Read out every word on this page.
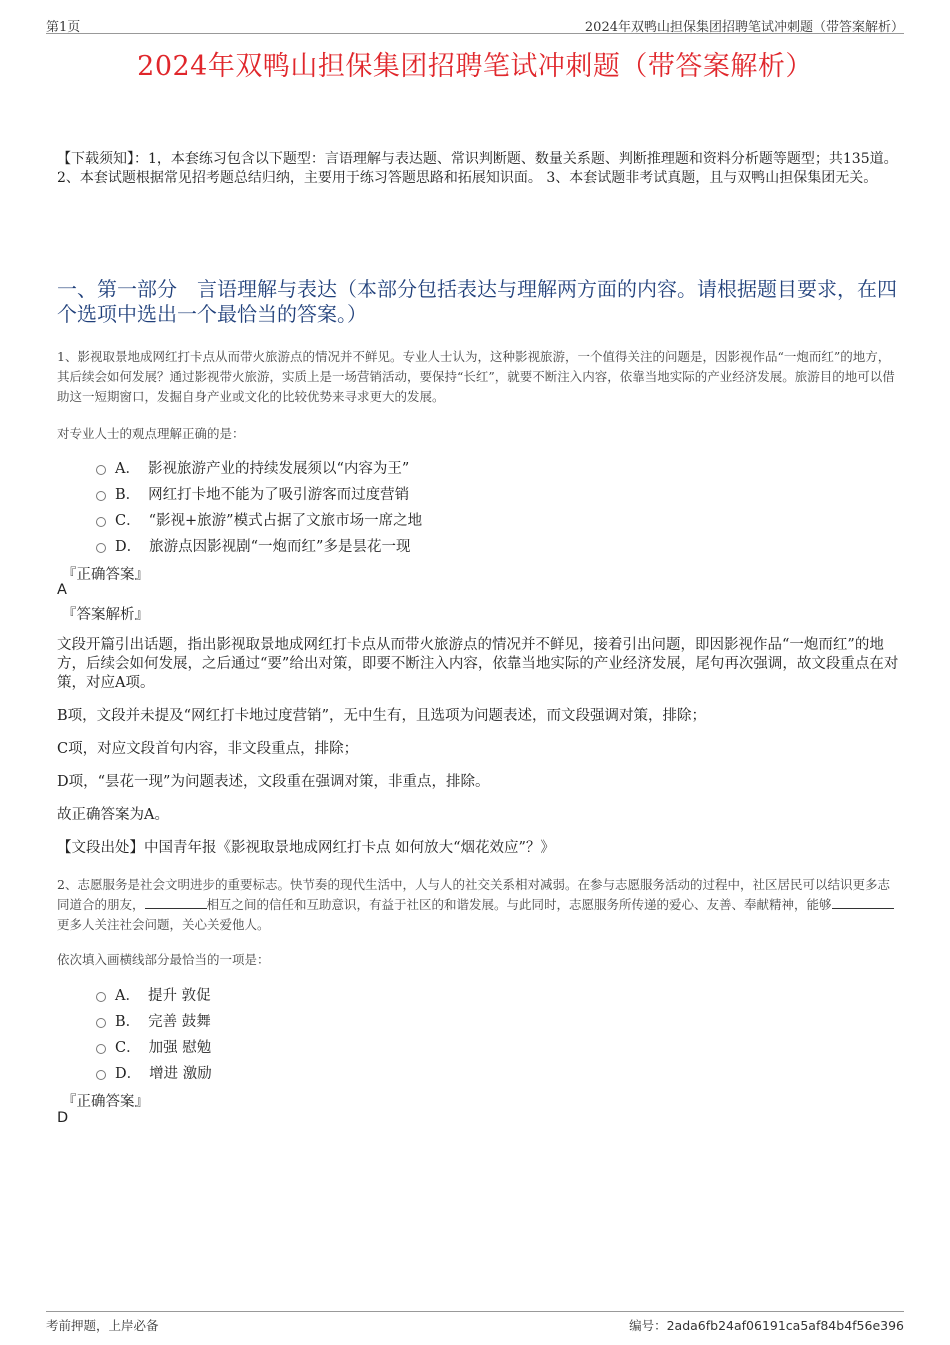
第1页	2024年双鸭山担保集团招聘笔试冲刺题（带答案解析）
2024年双鸭山担保集团招聘笔试冲刺题（带答案解析）
【下载须知】：1，本套练习包含以下题型：言语理解与表达题、常识判断题、数量关系题、判断推理题和资料分析题等题型；共135道。 2、本套试题根据常见招考题总结归纳，主要用于练习答题思路和拓展知识面。 3、本套试题非考试真题，且与双鸭山担保集团无关。
一、第一部分　言语理解与表达（本部分包括表达与理解两方面的内容。请根据题目要求，在四个选项中选出一个最恰当的答案。）
1、影视取景地成网红打卡点从而带火旅游点的情况并不鲜见。专业人士认为，这种影视旅游，一个值得关注的问题是，因影视作品“一炮而红”的地方，其后续会如何发展？通过影视带火旅游，实质上是一场营销活动，要保持“长红”，就要不断注入内容，依靠当地实际的产业经济发展。旅游目的地可以借助这一短期窗口，发掘自身产业或文化的比较优势来寻求更大的发展。
对专业人士的观点理解正确的是：
A． 影视旅游产业的持续发展须以“内容为王”
B． 网红打卡地不能为了吸引游客而过度营销
C． “影视+旅游”模式占据了文旅市场一席之地
D． 旅游点因影视剧“一炮而红”多是昙花一现
『正确答案』
A
『答案解析』
文段开篇引出话题，指出影视取景地成网红打卡点从而带火旅游点的情况并不鲜见，接着引出问题，即因影视作品“一炮而红”的地方，后续会如何发展，之后通过“要”给出对策，即要不断注入内容，依靠当地实际的产业经济发展，尾句再次强调，故文段重点在对策，对应A项。
B项，文段并未提及“网红打卡地过度营销”，无中生有，且选项为问题表述，而文段强调对策，排除；
C项，对应文段首句内容，非文段重点，排除；
D项，“昙花一现”为问题表述，文段重在强调对策，非重点，排除。
故正确答案为A。
【文段出处】中国青年报《影视取景地成网红打卡点 如何放大“烟花效应”？》
2、志愿服务是社会文明进步的重要标志。快节奏的现代生活中，人与人的社交关系相对减弱。在参与志愿服务活动的过程中，社区居民可以结识更多志同道合的朋友，	相互之间的信任和互助意识，有益于社区的和谐发展。与此同时，志愿服务所传递的爱心、友善、奉献精神，能够更多人关注社会问题，关心关爱他人。
依次填入画横线部分最恰当的一项是：
A． 提升 敦促
B． 完善 鼓舞
C． 加强 慰勉
D． 增进 激励
『正确答案』
D
考前押题，上岸必备	编号：2ada6fb24af06191ca5af84b4f56e396
